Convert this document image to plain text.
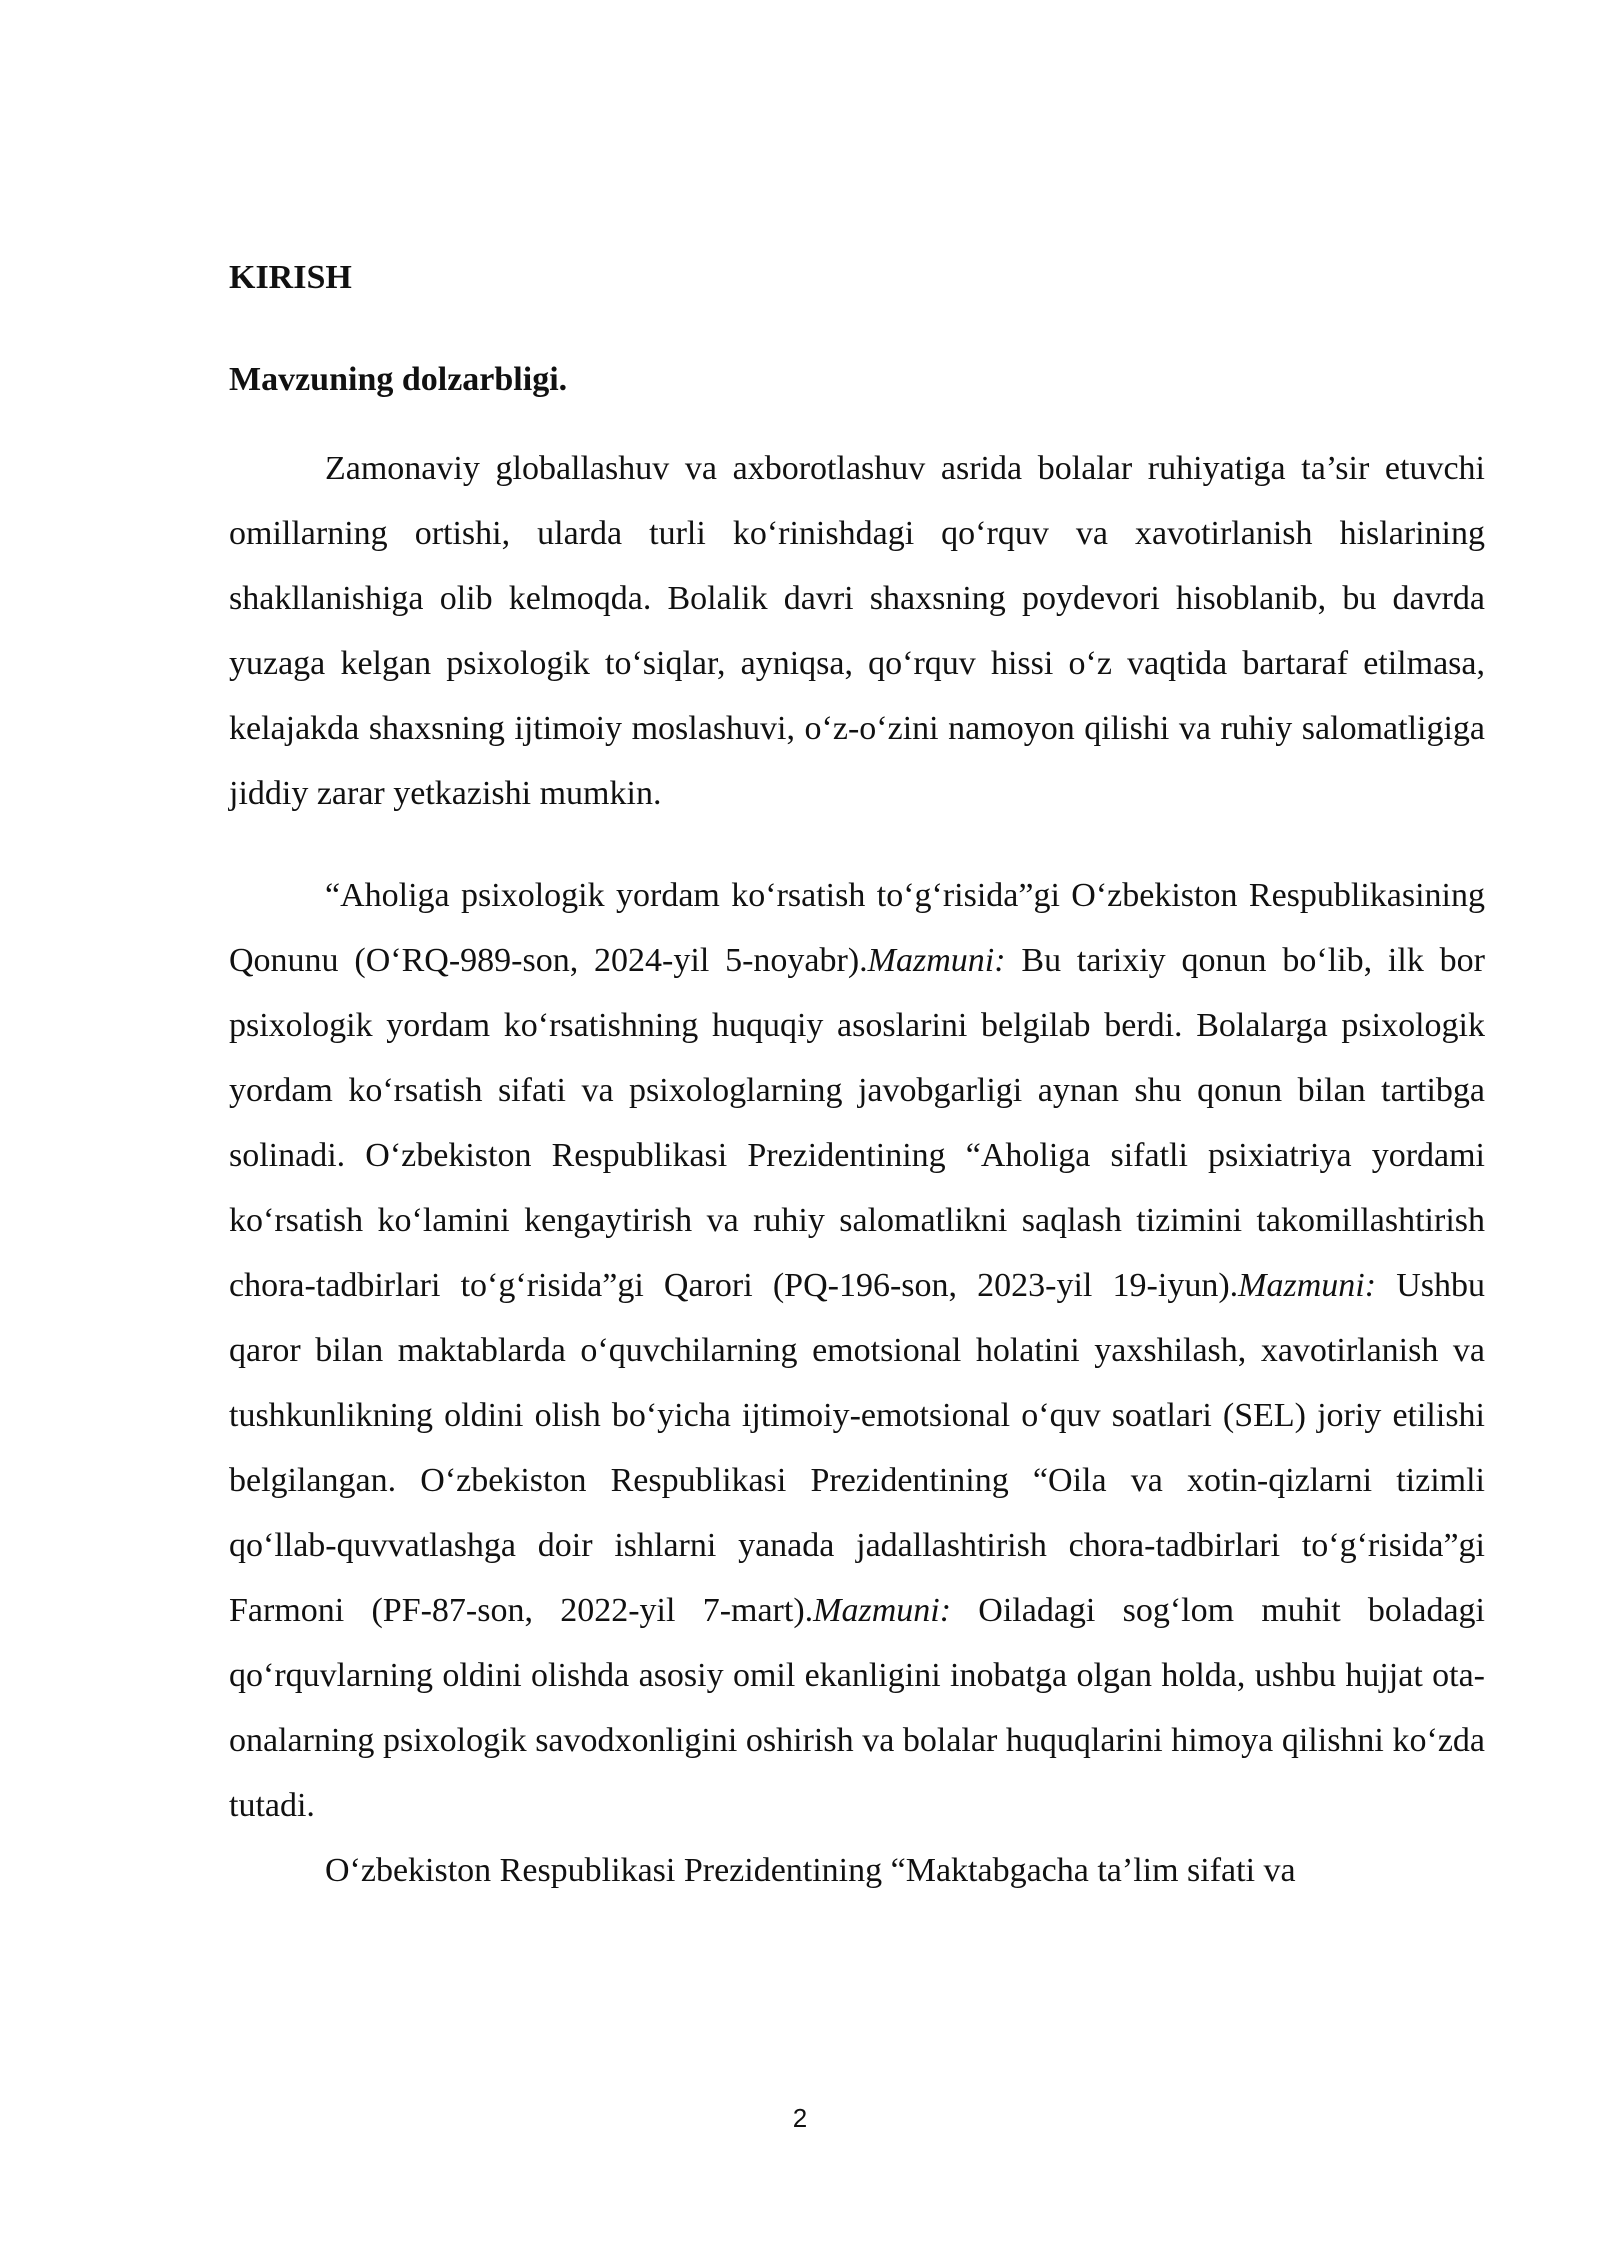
KIRISH
Mavzuning dolzarbligi.

Zamonaviy globallashuv va axborotlashuv asrida bolalar ruhiyatiga ta’sir etuvchi omillarning ortishi, ularda turli ko‘rinishdagi qo‘rquv va xavotirlanish hislarining shakllanishiga olib kelmoqda. Bolalik davri shaxsning poydevori hisoblanib, bu davrda yuzaga kelgan psixologik to‘siqlar, ayniqsa, qo‘rquv hissi o‘z vaqtida bartaraf etilmasa, kelajakda shaxsning ijtimoiy moslashuvi, o‘z-o‘zini namoyon qilishi va ruhiy salomatligiga jiddiy zarar yetkazishi mumkin.

“Aholiga psixologik yordam ko‘rsatish to‘g‘risida”gi O‘zbekiston Respublikasining Qonunu (O‘RQ-989-son, 2024-yil 5-noyabr).Mazmuni: Bu tarixiy qonun bo‘lib, ilk bor psixologik yordam ko‘rsatishning huquqiy asoslarini belgilab berdi. Bolalarga psixologik yordam ko‘rsatish sifati va psixologlarning javobgarligi aynan shu qonun bilan tartibga solinadi. O‘zbekiston Respublikasi Prezidentining “Aholiga sifatli psixiatriya yordami ko‘rsatish ko‘lamini kengaytirish va ruhiy salomatlikni saqlash tizimini takomillashtirish chora-tadbirlari to‘g‘risida”gi Qarori (PQ-196-son, 2023-yil 19-iyun).Mazmuni: Ushbu qaror bilan maktablarda o‘quvchilarning emotsional holatini yaxshilash, xavotirlanish va tushkunlikning oldini olish bo‘yicha ijtimoiy-emotsional o‘quv soatlari (SEL) joriy etilishi belgilangan. O‘zbekiston Respublikasi Prezidentining “Oila va xotin-qizlarni tizimli qo‘llab-quvvatlashga doir ishlarni yanada jadallashtirish chora-tadbirlari to‘g‘risida”gi Farmoni (PF-87-son, 2022-yil 7-mart).Mazmuni: Oiladagi sog‘lom muhit boladagi qo‘rquvlarning oldini olishda asosiy omil ekanligini inobatga olgan holda, ushbu hujjat ota-onalarning psixologik savodxonligini oshirish va bolalar huquqlarini himoya qilishni ko‘zda tutadi.

O‘zbekiston Respublikasi Prezidentining “Maktabgacha ta’lim sifati va

2
